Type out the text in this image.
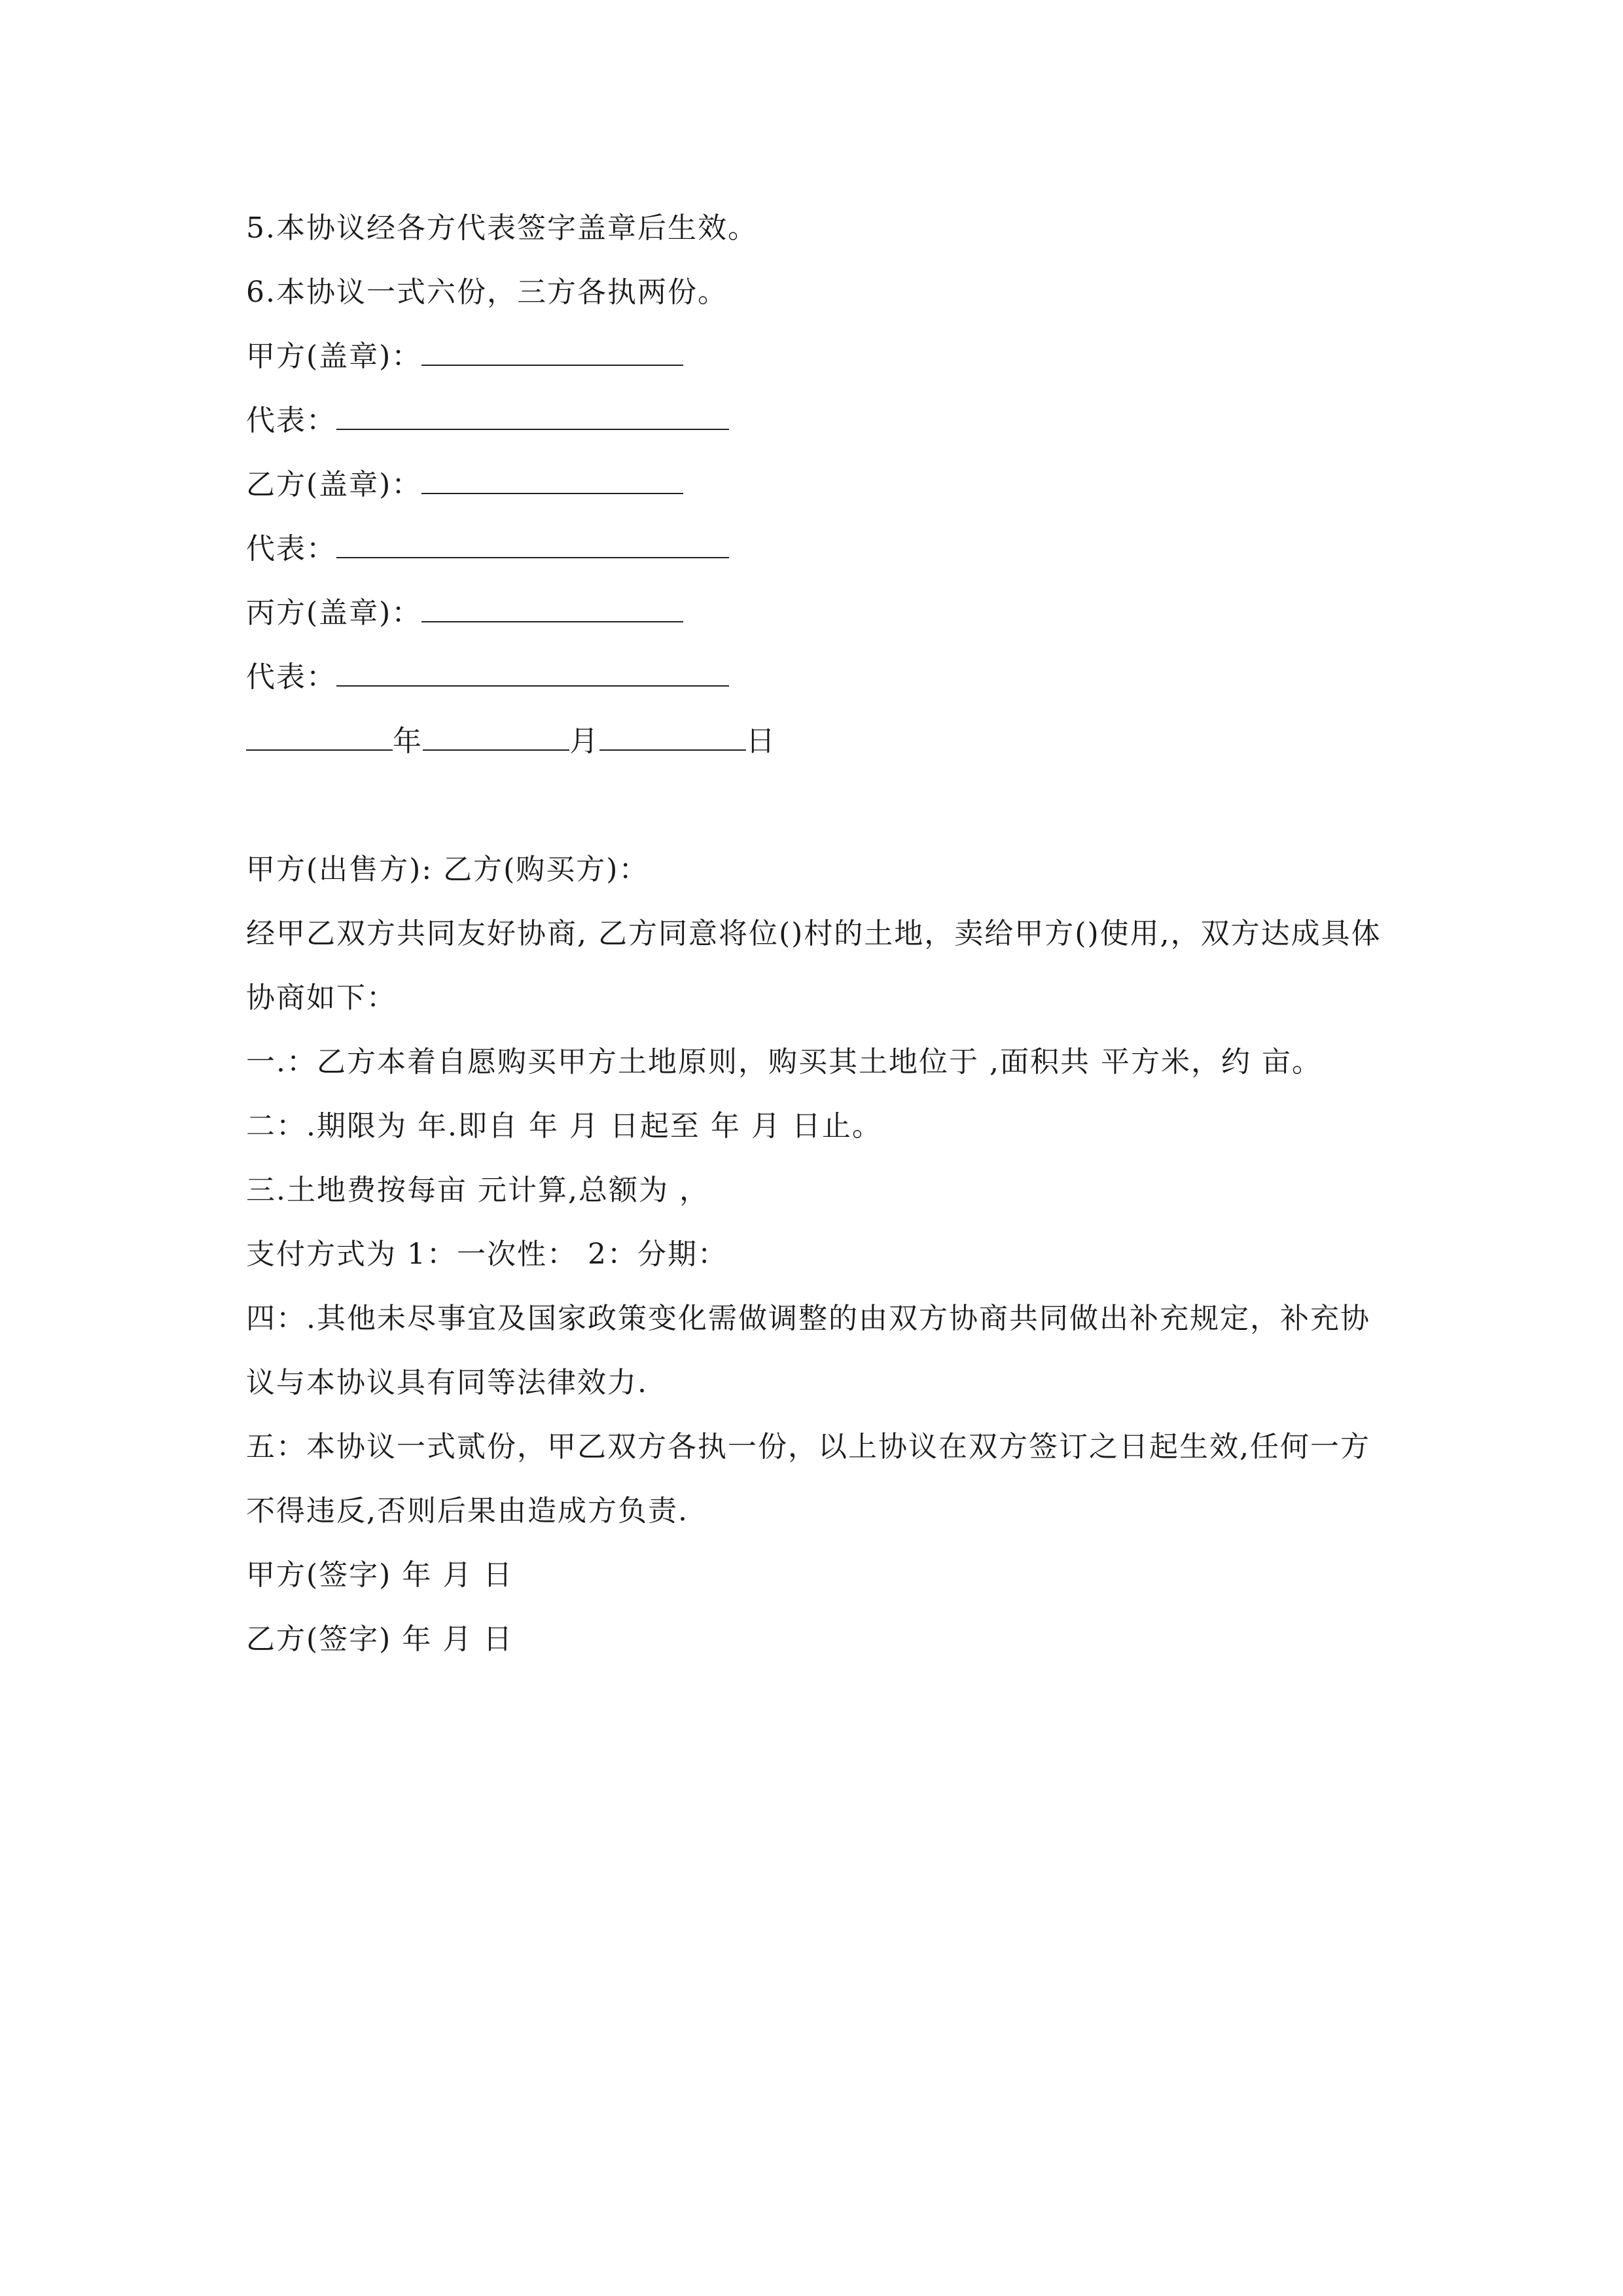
5.本协议经各方代表签字盖章后生效。
6.本协议一式六份，三方各执两份。
甲方(盖章)：
代表：
乙方(盖章)：
代表：
丙方(盖章)：
代表：
年	月	日
甲方(出售方): 乙方(购买方)：
经甲乙双方共同友好协商, 乙方同意将位()村的土地，卖给甲方()使用,，双方达成具体协商如下：
一.：乙方本着自愿购买甲方土地原则，购买其土地位于 ,面积共 平方米，约 亩。
二：.期限为 年.即自 年 月 日起至 年 月 日止。
三.土地费按每亩 元计算,总额为 ，
支付方式为 1：一次性： 2：分期：
四：.其他未尽事宜及国家政策变化需做调整的由双方协商共同做出补充规定，补充协议与本协议具有同等法律效力.
五：本协议一式贰份，甲乙双方各执一份，以上协议在双方签订之日起生效,任何一方不得违反,否则后果由造成方负责.
甲方(签字) 年 月 日
乙方(签字) 年 月 日
